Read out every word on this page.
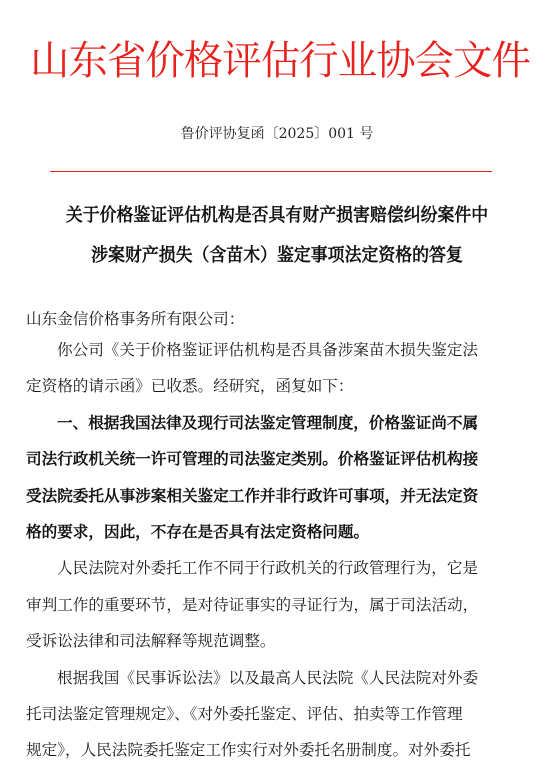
山东省价格评估行业协会文件
鲁价评协复函〔2025〕001 号
关于价格鉴证评估机构是否具有财产损害赔偿纠纷案件中
涉案财产损失（含苗木）鉴定事项法定资格的答复
山东金信价格事务所有限公司：
你公司《关于价格鉴证评估机构是否具备涉案苗木损失鉴定法
定资格的请示函》已收悉。经研究，函复如下：
一、根据我国法律及现行司法鉴定管理制度，价格鉴证尚不属
司法行政机关统一许可管理的司法鉴定类别。价格鉴证评估机构接
受法院委托从事涉案相关鉴定工作并非行政许可事项，并无法定资
格的要求，因此，不存在是否具有法定资格问题。
人民法院对外委托工作不同于行政机关的行政管理行为，它是
审判工作的重要环节，是对待证事实的寻证行为，属于司法活动，
受诉讼法律和司法解释等规范调整。
根据我国《民事诉讼法》以及最高人民法院《人民法院对外委
托司法鉴定管理规定》、《对外委托鉴定、评估、拍卖等工作管理
规定》，人民法院委托鉴定工作实行对外委托名册制度。对外委托
